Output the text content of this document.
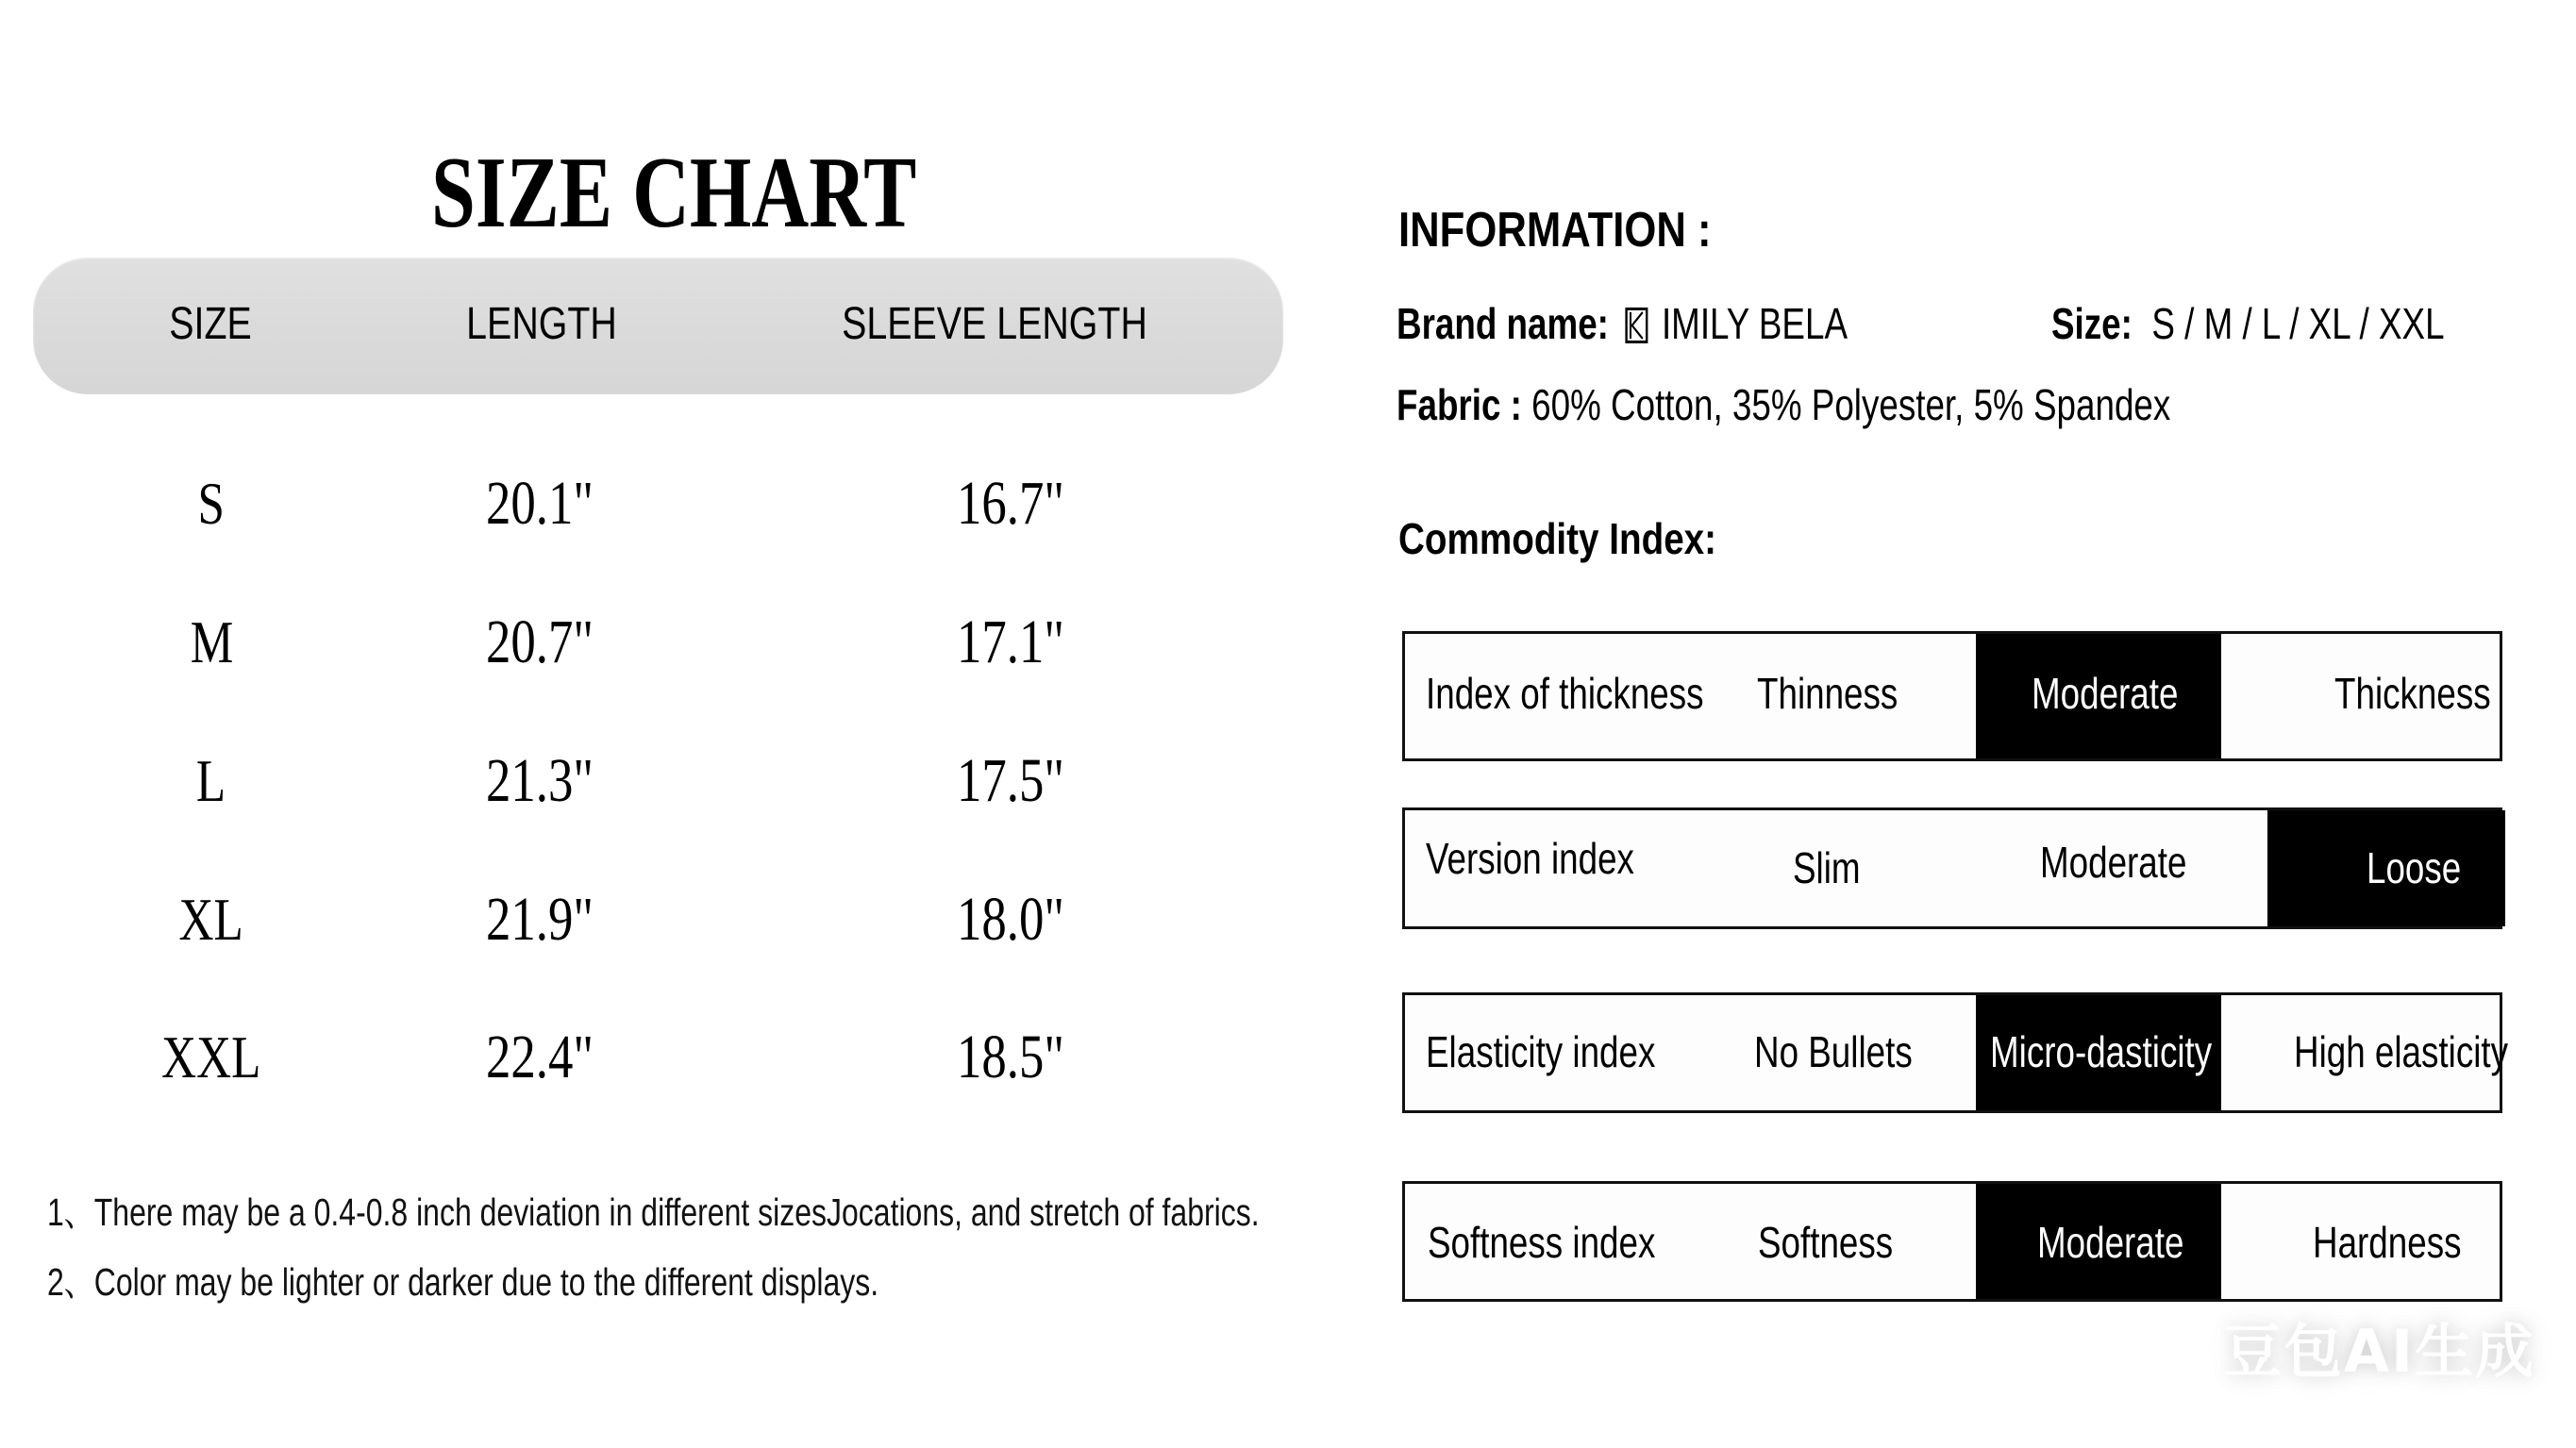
SIZE CHART
SIZE	LENGTH	SLEEVE LENGTH
S	20.1"	16.7"
M	20.7"	17.1"
L	21.3"	17.5"
XL	21.9"	18.0"
XXL	22.4"	18.5"
1、There may be a 0.4-0.8 inch deviation in different sizesJocations, and stretch of fabrics.
2、Color may be lighter or darker due to the different displays.
INFORMATION :
Brand name: IMILY BELA	Size: S / M / L / XL / XXL
Fabric : 60% Cotton, 35% Polyester, 5% Spandex
Commodity Index:
Index of thickness	Thinness	Moderate	Thickness
Version index	Slim	Moderate	Loose
Elasticity index	No Bullets	Micro-dasticity	High elasticity
Softness index	Softness	Moderate	Hardness
豆包AI生成
